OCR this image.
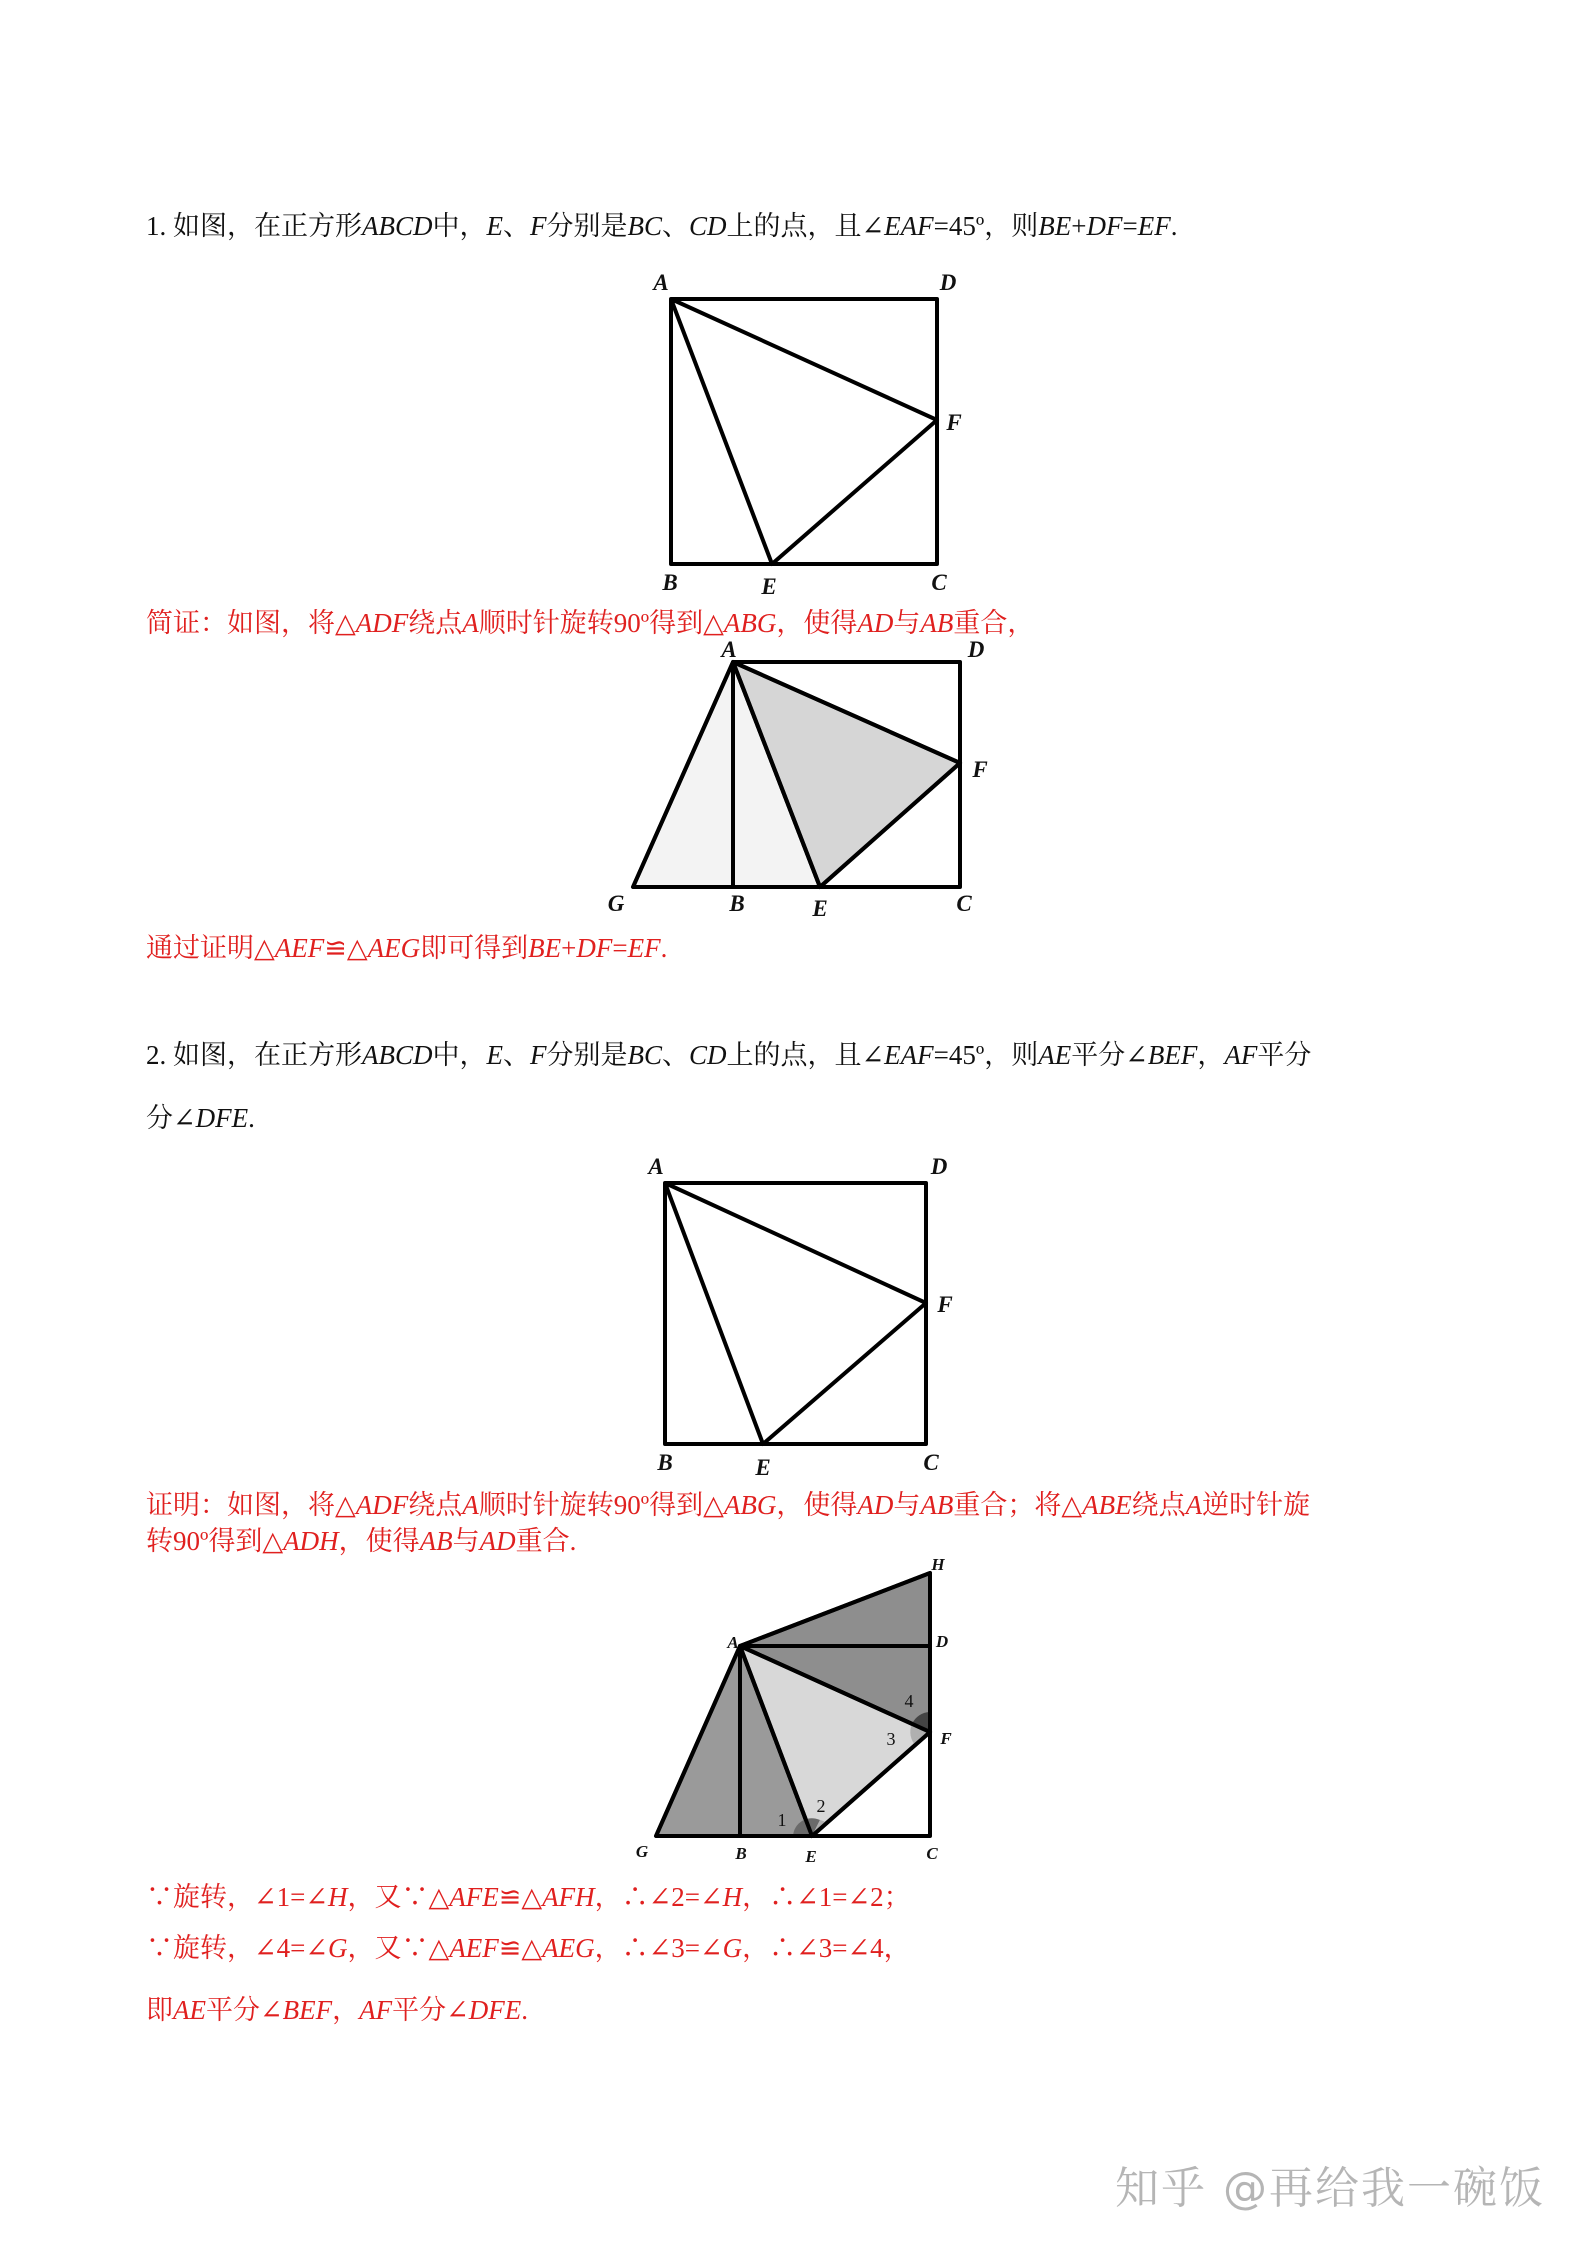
1. 如图，在正方形ABCD中，E、F分别是BC、CD上的点，且∠EAF=45º，则BE+DF=EF.
简证：如图，将△ADF绕点A顺时针旋转90º得到△ABG，使得AD与AB重合，
通过证明△AEF≌△AEG即可得到BE+DF=EF.
2. 如图，在正方形ABCD中，E、F分别是BC、CD上的点，且∠EAF=45º，则AE平分∠BEF，AF平分
分∠DFE.
证明：如图，将△ADF绕点A顺时针旋转90º得到△ABG，使得AD与AB重合；将△ABE绕点A逆时针旋
转90º得到△ADH，使得AB与AD重合.
∵旋转，∠1=∠H，又∵△AFE≌△AFH，∴∠2=∠H，∴∠1=∠2；
∵旋转，∠4=∠G，又∵△AEF≌△AEG，∴∠3=∠G，∴∠3=∠4，
即AE平分∠BEF，AF平分∠DFE.
A	D
F
B	E	C
A	D
F
G	B	E	C
A	D
F
B	E	C
H
D
A
F
G	B	E	C
4
3
2
1
知乎 @再给我一碗饭
